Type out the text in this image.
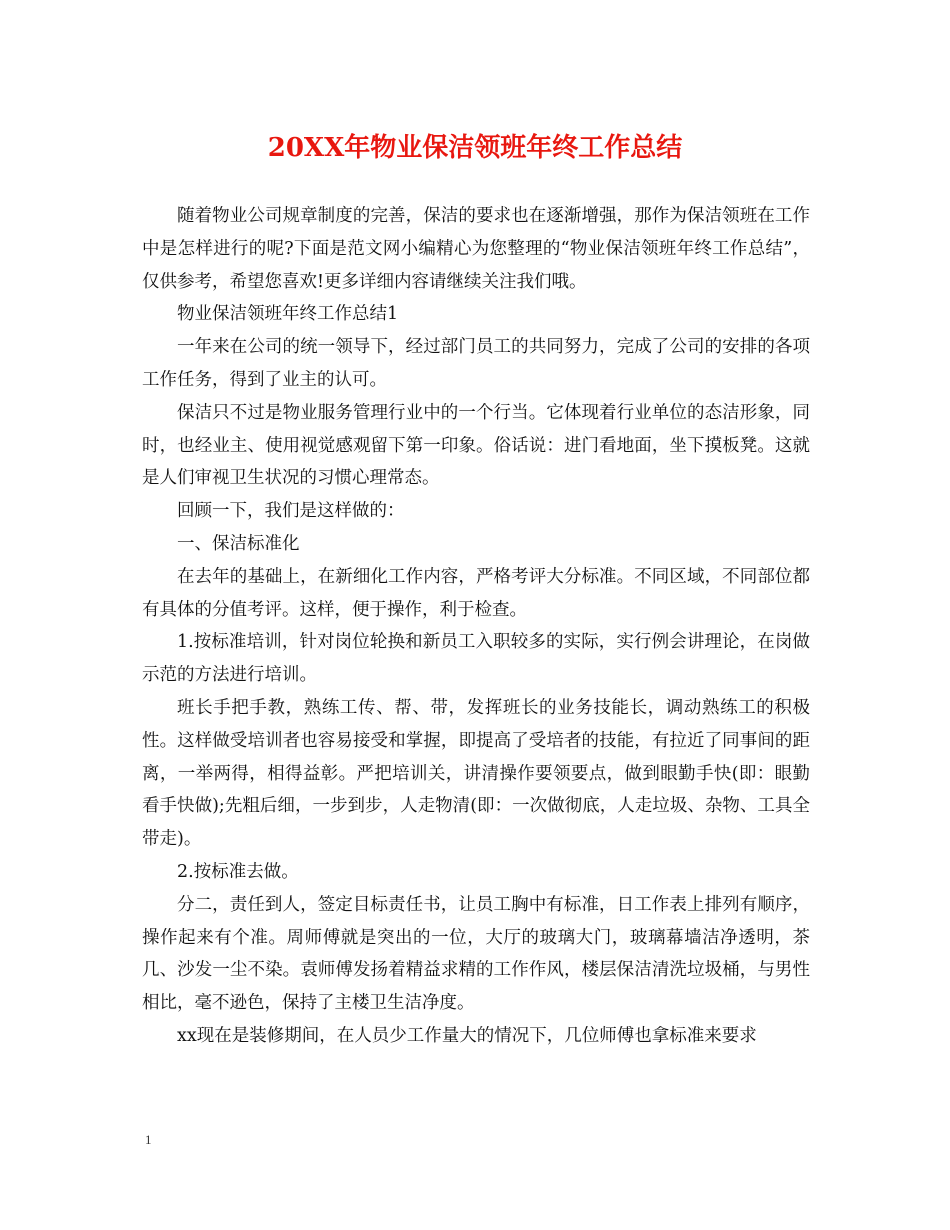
20XX年物业保洁领班年终工作总结

随着物业公司规章制度的完善，保洁的要求也在逐渐增强，那作为保洁领班在工作中是怎样进行的呢?下面是范文网小编精心为您整理的“物业保洁领班年终工作总结”，仅供参考，希望您喜欢!更多详细内容请继续关注我们哦。

物业保洁领班年终工作总结1

一年来在公司的统一领导下，经过部门员工的共同努力，完成了公司的安排的各项工作任务，得到了业主的认可。

保洁只不过是物业服务管理行业中的一个行当。它体现着行业单位的态洁形象，同时，也经业主、使用视觉感观留下第一印象。俗话说：进门看地面，坐下摸板凳。这就是人们审视卫生状况的习惯心理常态。

回顾一下，我们是这样做的：

一、保洁标准化

在去年的基础上，在新细化工作内容，严格考评大分标准。不同区域，不同部位都有具体的分值考评。这样，便于操作，利于检查。

1.按标准培训，针对岗位轮换和新员工入职较多的实际，实行例会讲理论，在岗做示范的方法进行培训。

班长手把手教，熟练工传、帮、带，发挥班长的业务技能长，调动熟练工的积极性。这样做受培训者也容易接受和掌握，即提高了受培者的技能，有拉近了同事间的距离，一举两得，相得益彰。严把培训关，讲清操作要领要点，做到眼勤手快(即：眼勤看手快做);先粗后细，一步到步，人走物清(即：一次做彻底，人走垃圾、杂物、工具全带走)。

2.按标准去做。

分二，责任到人，签定目标责任书，让员工胸中有标准，日工作表上排列有顺序，操作起来有个准。周师傅就是突出的一位，大厅的玻璃大门，玻璃幕墙洁净透明，茶几、沙发一尘不染。袁师傅发扬着精益求精的工作作风，楼层保洁清洗垃圾桶，与男性相比，毫不逊色，保持了主楼卫生洁净度。

xx现在是装修期间，在人员少工作量大的情况下，几位师傅也拿标准来要求

1
